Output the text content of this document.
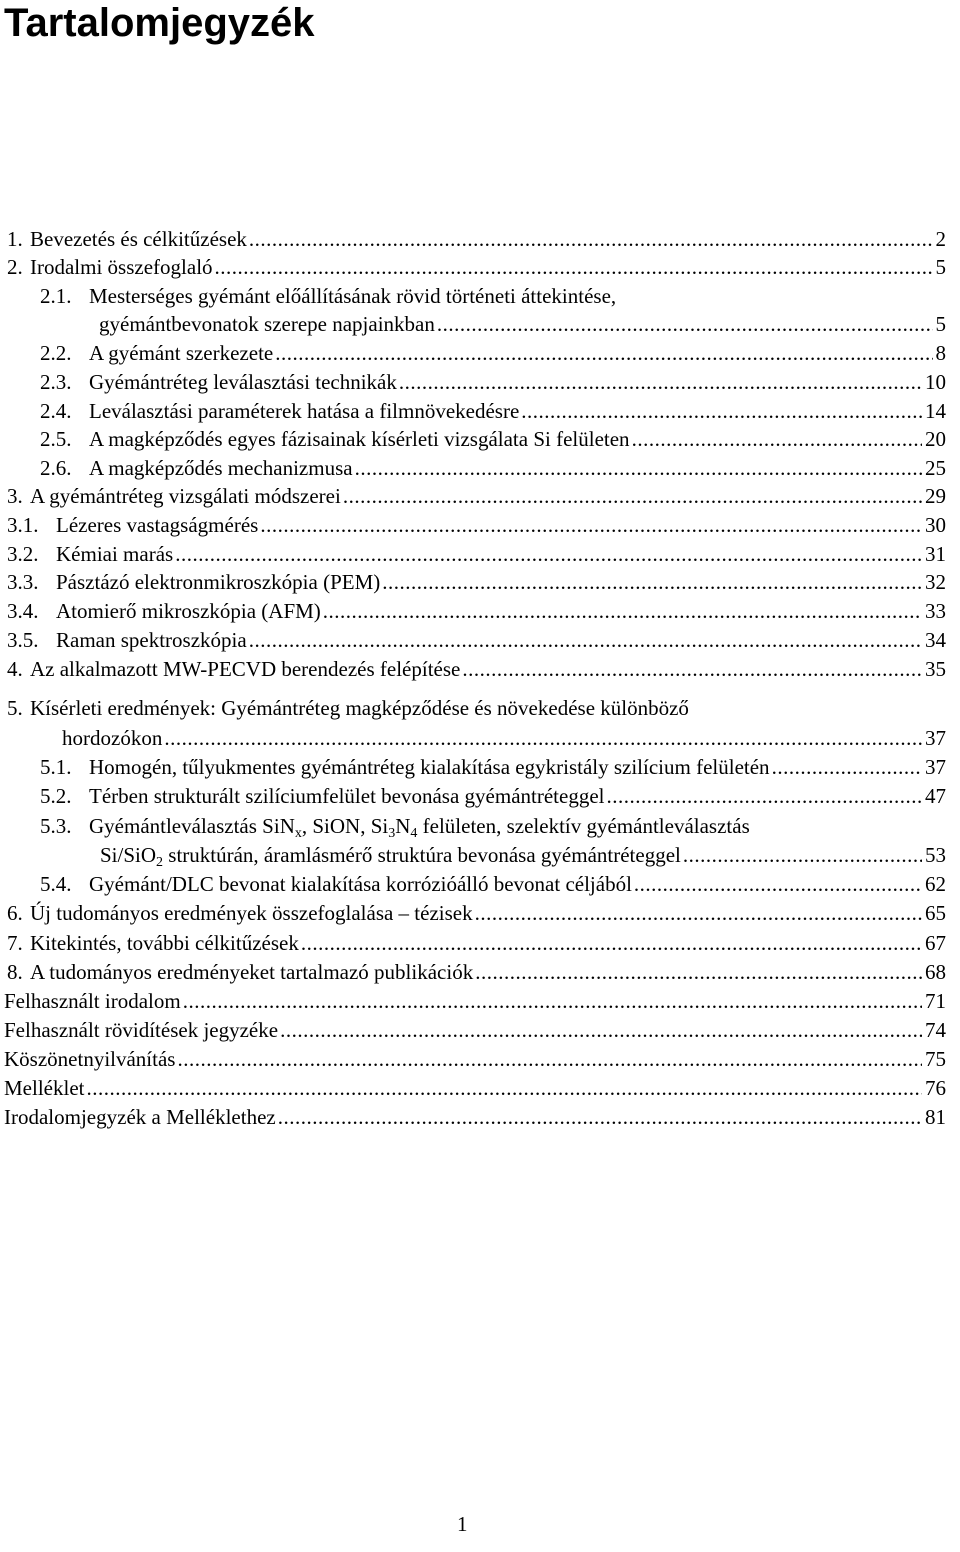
Tartalomjegyzék
1. Bevezetés és célkitűzések .....	2
2. Irodalmi összefoglaló .....	5
2.1. Mesterséges gyémánt előállításának rövid történeti áttekintése,
gyémántbevonatok szerepe napjainkban .....	5
2.2. A gyémánt szerkezete .....	8
2.3. Gyémántréteg leválasztási technikák .....	10
2.4. Leválasztási paraméterek hatása a filmnövekedésre .....	14
2.5. A magképződés egyes fázisainak kísérleti vizsgálata Si felületen .....	20
2.6. A magképződés mechanizmusa .....	25
3. A gyémántréteg vizsgálati módszerei .....	29
3.1. Lézeres vastagságmérés .....	30
3.2. Kémiai marás .....	31
3.3. Pásztázó elektronmikroszkópia (PEM) .....	32
3.4. Atomierő mikroszkópia (AFM) .....	33
3.5. Raman spektroszkópia .....	34
4. Az alkalmazott MW-PECVD berendezés felépítése .....	35
5. Kísérleti eredmények: Gyémántréteg magképződése és növekedése különböző
hordozókon .....	37
5.1. Homogén, tűlyukmentes gyémántréteg kialakítása egykristály szilícium felületén .....	37
5.2. Térben strukturált szilíciumfelület bevonása gyémántréteggel .....	47
5.3. Gyémántleválasztás SiN$_x$, SiON, $Si_3N_4$ felületen, szelektív gyémántleválasztás
Si/SiO$_2$ struktúrán, áramlásmérő struktúra bevonása gyémántréteggel .....	53
5.4. Gyémánt/DLC bevonat kialakítása korrózióálló bevonat céljából .....	62
6. Új tudományos eredmények összefoglalása – tézisek .....	65
7. Kitekintés, további célkitűzések .....	67
8. A tudományos eredményeket tartalmazó publikációk .....	68
Felhasznált irodalom .....	71
Felhasznált rövidítések jegyzéke .....	74
Köszönetnyilvánítás .....	75
Melléklet .....	76
Irodalomjegyzék a Melléklethez .....	81
1
